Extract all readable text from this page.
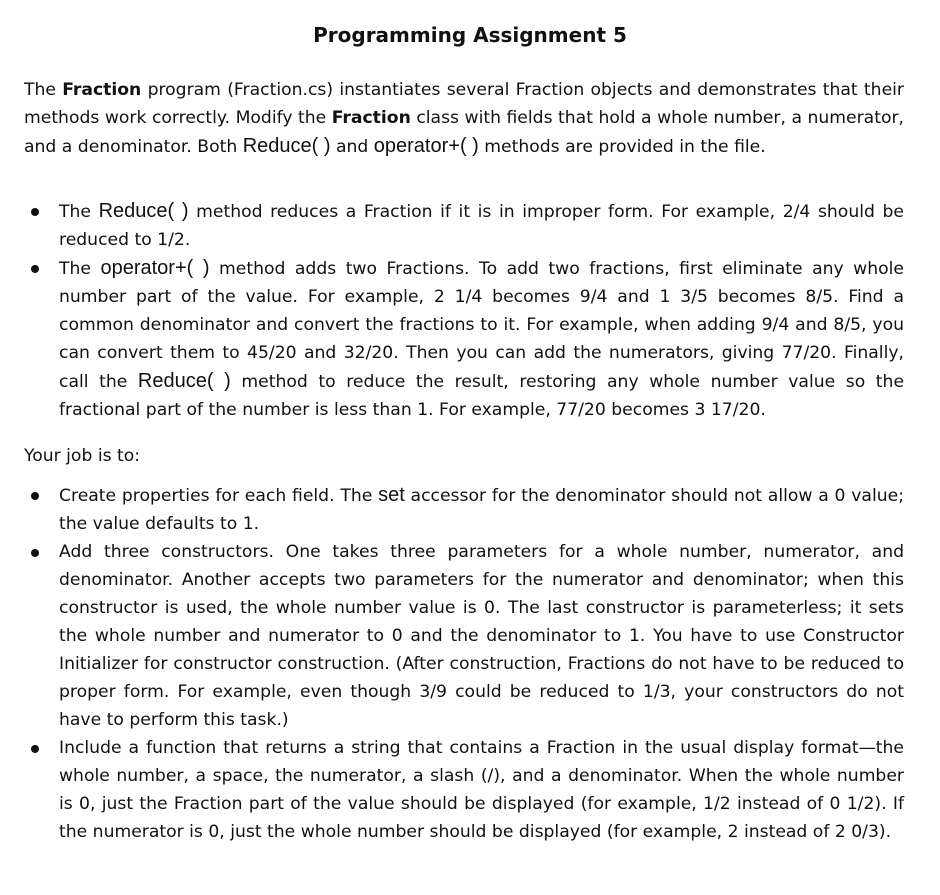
Programming Assignment 5

The Fraction program (Fraction.cs) instantiates several Fraction objects and demonstrates that their methods work correctly. Modify the Fraction class with fields that hold a whole number, a numerator, and a denominator. Both Reduce( ) and operator+( ) methods are provided in the file.

The Reduce( ) method reduces a Fraction if it is in improper form. For example, 2/4 should be reduced to 1/2.
The operator+( ) method adds two Fractions. To add two fractions, first eliminate any whole number part of the value. For example, 2 1/4 becomes 9/4 and 1 3/5 becomes 8/5. Find a common denominator and convert the fractions to it. For example, when adding 9/4 and 8/5, you can convert them to 45/20 and 32/20. Then you can add the numerators, giving 77/20. Finally, call the Reduce( ) method to reduce the result, restoring any whole number value so the fractional part of the number is less than 1. For example, 77/20 becomes 3 17/20.

Your job is to:

Create properties for each field. The set accessor for the denominator should not allow a 0 value; the value defaults to 1.
Add three constructors. One takes three parameters for a whole number, numerator, and denominator. Another accepts two parameters for the numerator and denominator; when this constructor is used, the whole number value is 0. The last constructor is parameterless; it sets the whole number and numerator to 0 and the denominator to 1. You have to use Constructor Initializer for constructor construction. (After construction, Fractions do not have to be reduced to proper form. For example, even though 3/9 could be reduced to 1/3, your constructors do not have to perform this task.)
Include a function that returns a string that contains a Fraction in the usual display format—the whole number, a space, the numerator, a slash (/), and a denominator. When the whole number is 0, just the Fraction part of the value should be displayed (for example, 1/2 instead of 0 1/2). If the numerator is 0, just the whole number should be displayed (for example, 2 instead of 2 0/3).
